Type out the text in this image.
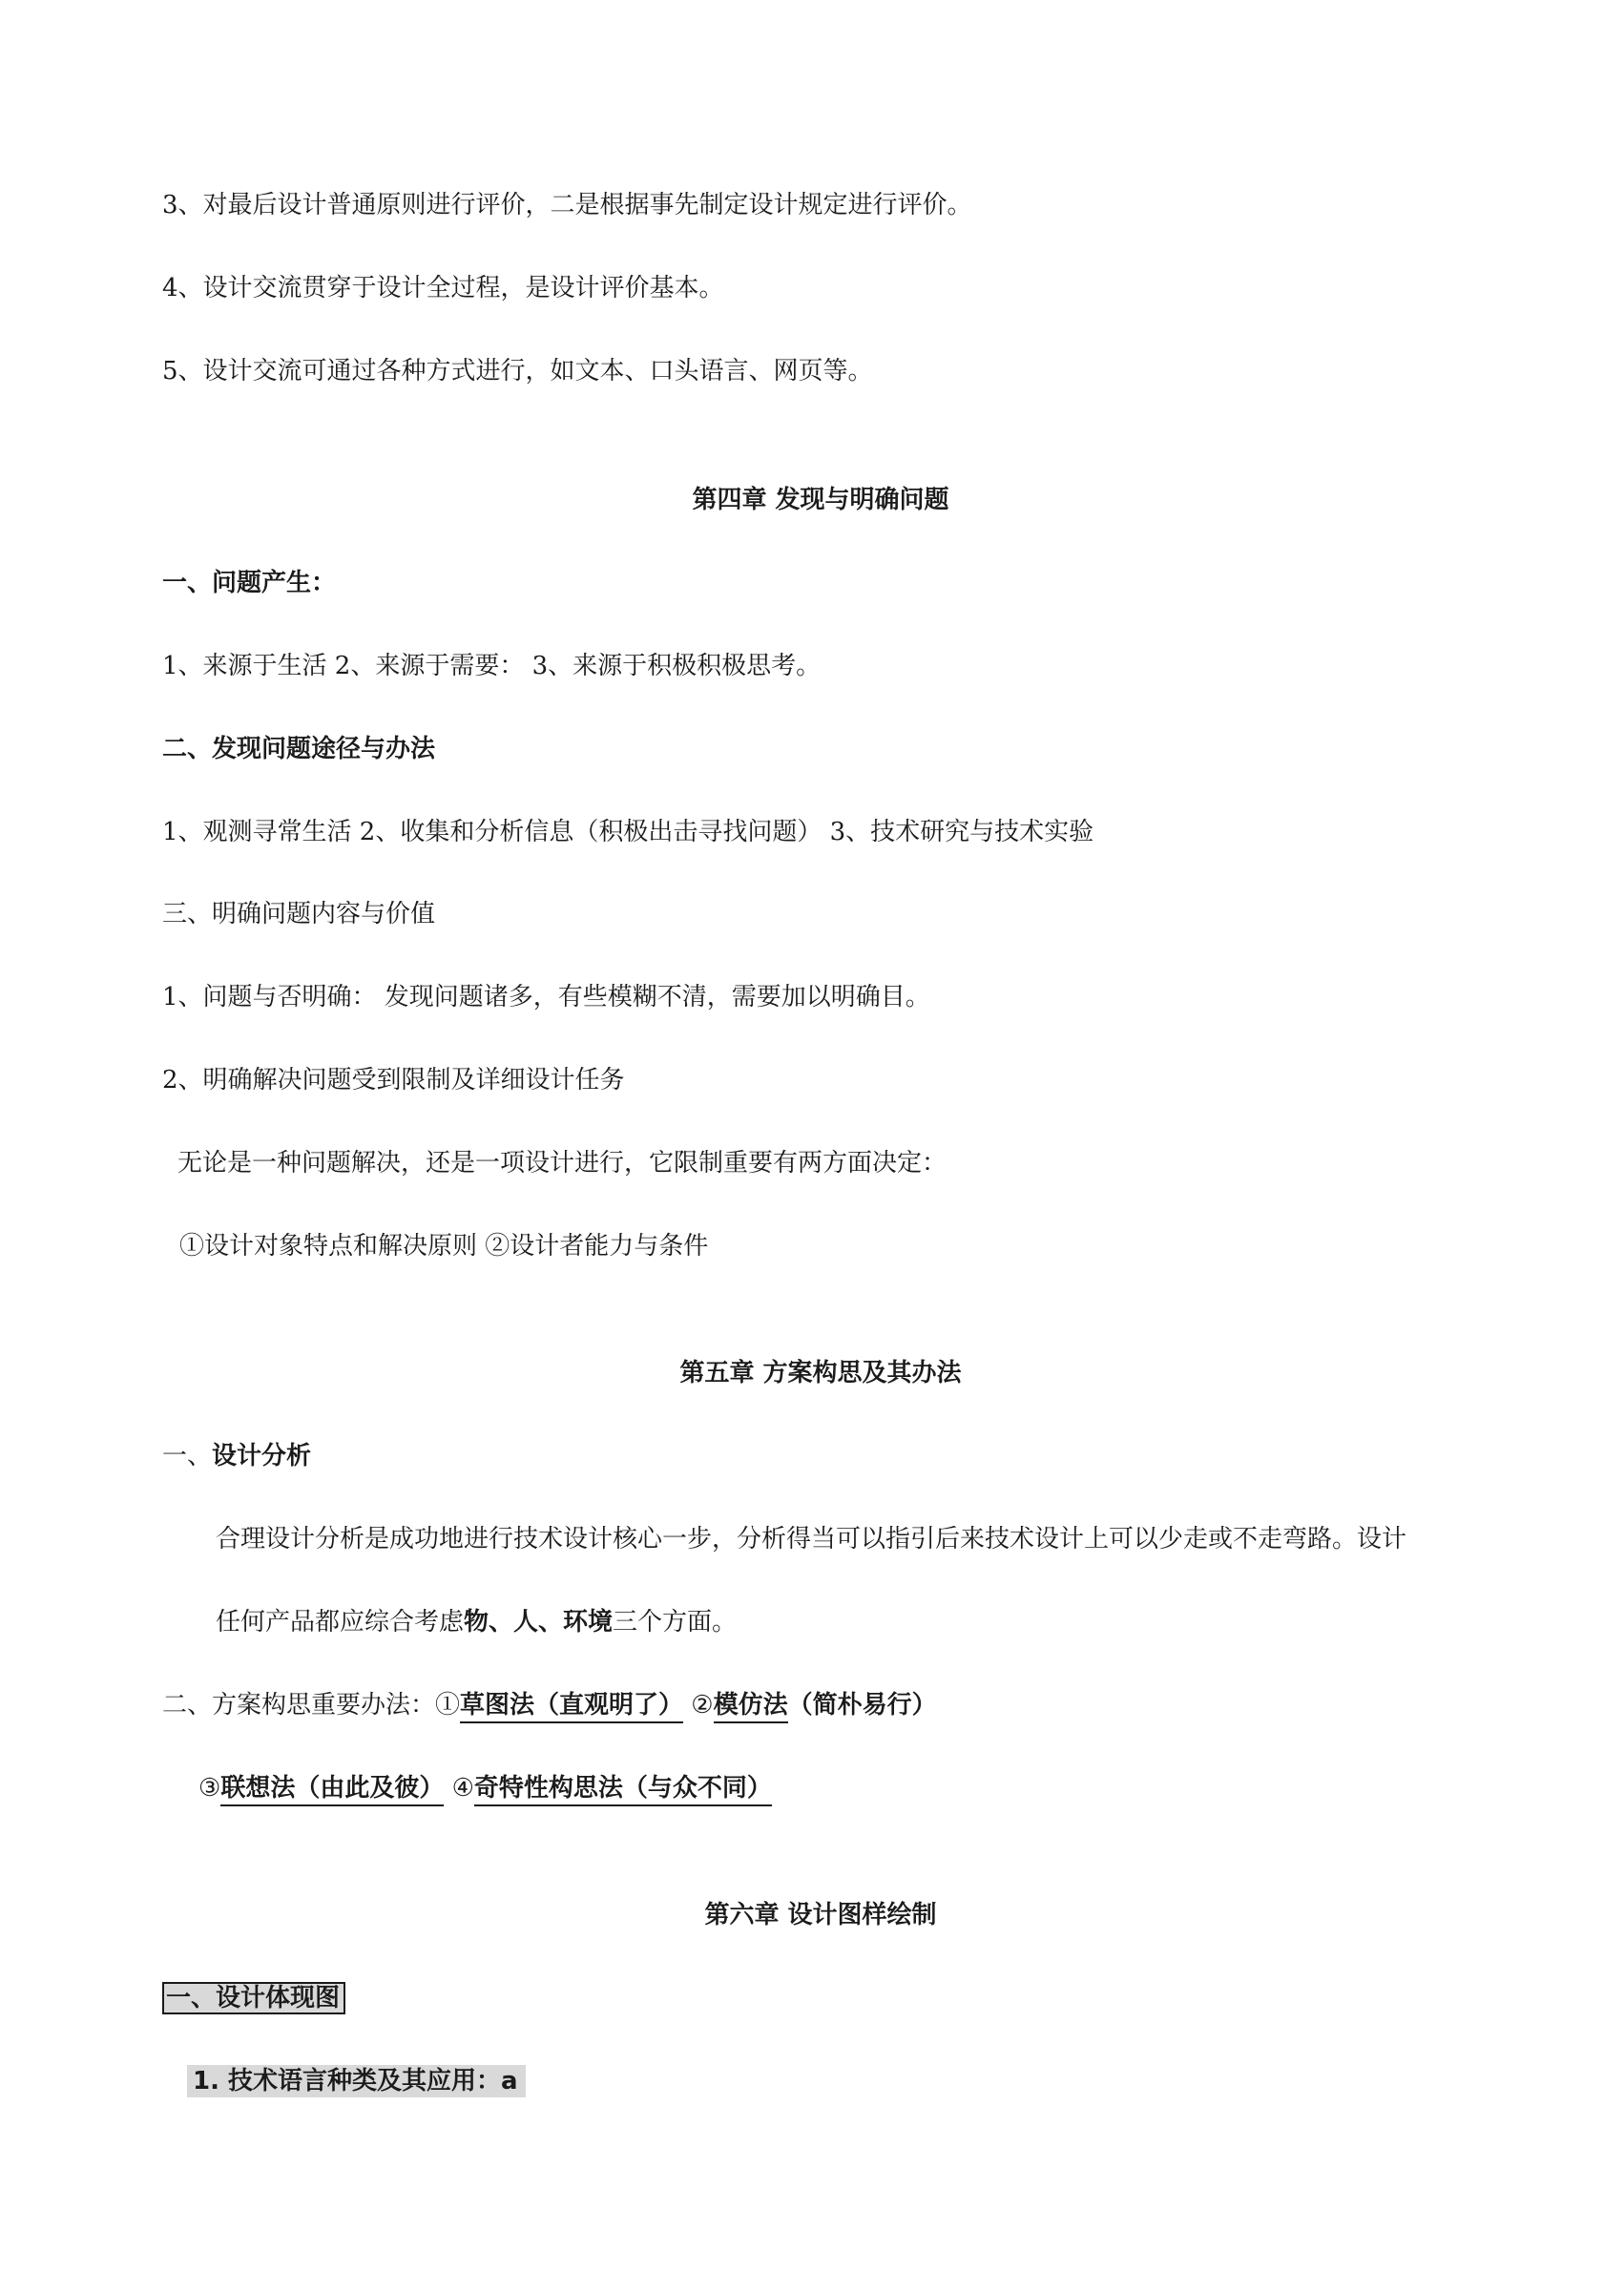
3、对最后设计普通原则进行评价，二是根据事先制定设计规定进行评价。
4、设计交流贯穿于设计全过程，是设计评价基本。
5、设计交流可通过各种方式进行，如文本、口头语言、网页等。
第四章 发现与明确问题
一、问题产生：
1、来源于生活 2、来源于需要： 3、来源于积极积极思考。
二、发现问题途径与办法
1、观测寻常生活 2、收集和分析信息（积极出击寻找问题） 3、技术研究与技术实验
三、明确问题内容与价值
1、问题与否明确： 发现问题诸多，有些模糊不清，需要加以明确目。
2、明确解决问题受到限制及详细设计任务
无论是一种问题解决，还是一项设计进行，它限制重要有两方面决定：
①设计对象特点和解决原则 ②设计者能力与条件
第五章 方案构思及其办法
一、设计分析
合理设计分析是成功地进行技术设计核心一步，分析得当可以指引后来技术设计上可以少走或不走弯路。设计
任何产品都应综合考虑物、人、环境三个方面。
二、方案构思重要办法：①草图法（直观明了） ②模仿法（简朴易行）
③联想法（由此及彼） ④奇特性构思法（与众不同）
第六章 设计图样绘制
一、设计体现图
1. 技术语言种类及其应用：a
